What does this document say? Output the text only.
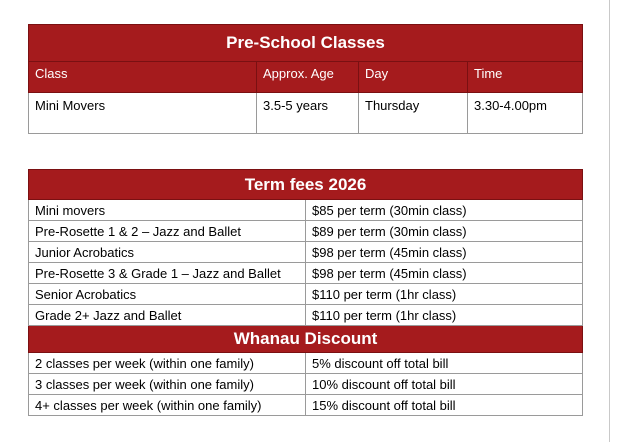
Pre-School Classes			
Class	Approx. Age	Day	Time
Mini Movers	3.5-5 years	Thursday	3.30-4.00pm
Term fees 2026	
Mini movers	$85 per term (30min class)
Pre-Rosette 1 & 2 – Jazz and Ballet	$89 per term (30min class)
Junior Acrobatics	$98 per term (45min class)
Pre-Rosette 3 & Grade 1 – Jazz and Ballet	$98 per term (45min class)
Senior Acrobatics	$110 per term (1hr class)
Grade 2+ Jazz and Ballet	$110 per term (1hr class)
Whanau Discount	
2 classes per week (within one family)	5% discount off total bill
3 classes per week (within one family)	10% discount off total bill
4+ classes per week (within one family)	15% discount off total bill
